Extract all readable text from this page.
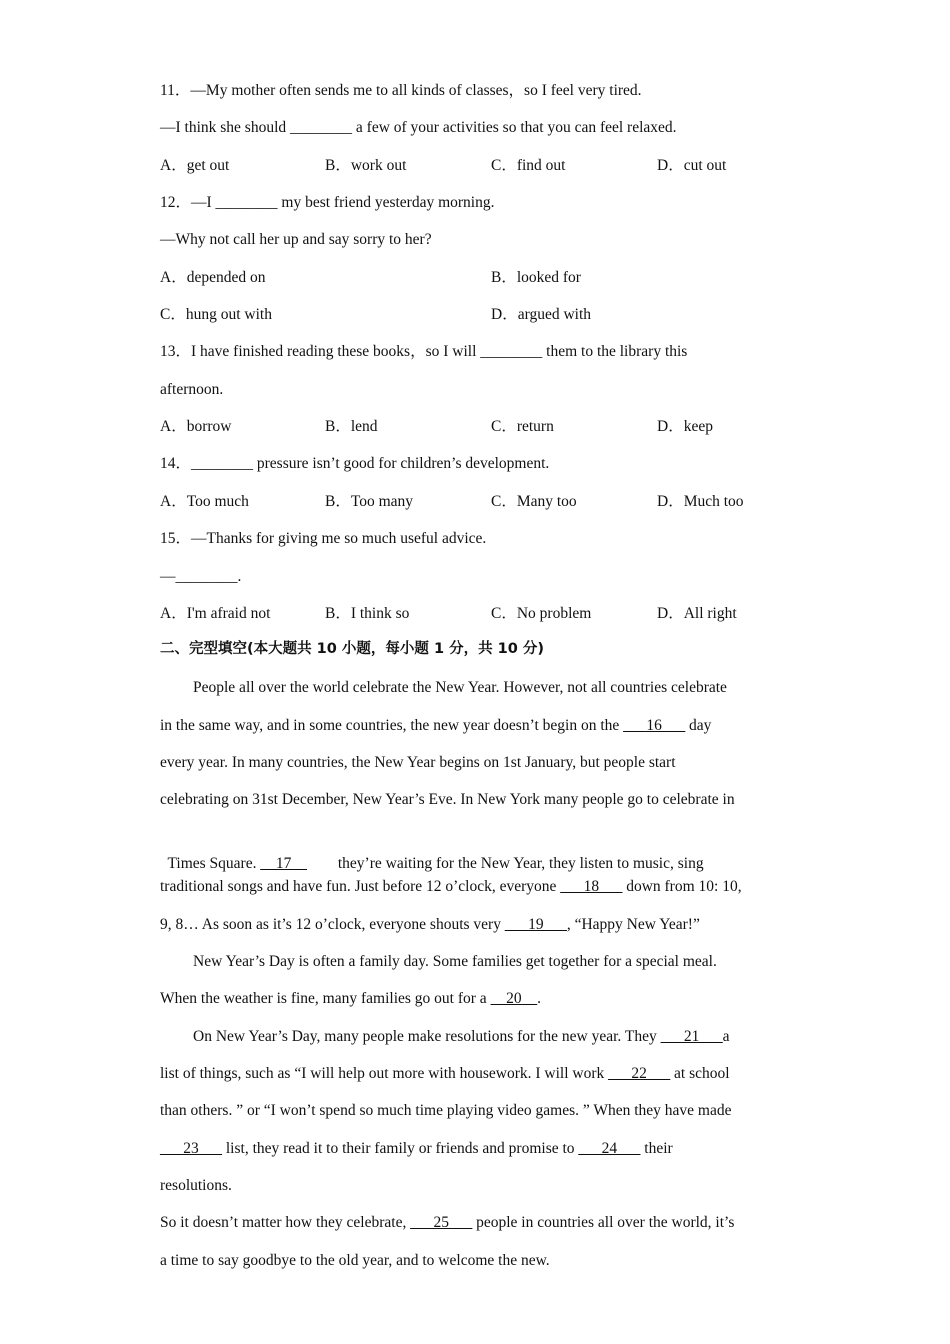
11．—My mother often sends me to all kinds of classes，so I feel very tired.
—I think she should ________ a few of your activities so that you can feel relaxed.
A．get out	B．work out	C．find out	D．cut out
12．—I ________ my best friend yesterday morning.
—Why not call her up and say sorry to her?
A．depended on	B．looked for
C．hung out with	D．argued with
13．I have finished reading these books，so I will ________ them to the library this
afternoon.
A．borrow	B．lend	C．return	D．keep
14．________ pressure isn’t good for children’s development.
A．Too much	B．Too many	C．Many too	D．Much too
15．—Thanks for giving me so much useful advice.
—________.
A．I'm afraid not	B．I think so	C．No problem	D．All right
二、完型填空(本大题共 10 小题，每小题 1 分，共 10 分)
People all over the world celebrate the New Year. However, not all countries celebrate
in the same way, and in some countries, the new year doesn’t begin on the ___16___ day
every year. In many countries, the New Year begins on 1st January, but people start
celebrating on 31st December, New Year’s Eve. In New York many people go to celebrate in

Times Square. __17__        they’re waiting for the New Year, they listen to music, sing

traditional songs and have fun. Just before 12 o’clock, everyone ___18___ down from 10: 10,
9, 8… As soon as it’s 12 o’clock, everyone shouts very ___19___, “Happy New Year!”
New Year’s Day is often a family day. Some families get together for a special meal.
When the weather is fine, many families go out for a __20__.
On New Year’s Day, many people make resolutions for the new year. They ___21___a
list of things, such as “I will help out more with housework. I will work ___22___ at school
than others. ” or “I won’t spend so much time playing video games. ” When they have made
___23___ list, they read it to their family or friends and promise to ___24___ their
resolutions.
So it doesn’t matter how they celebrate, ___25___ people in countries all over the world, it’s
a time to say goodbye to the old year, and to welcome the new.
